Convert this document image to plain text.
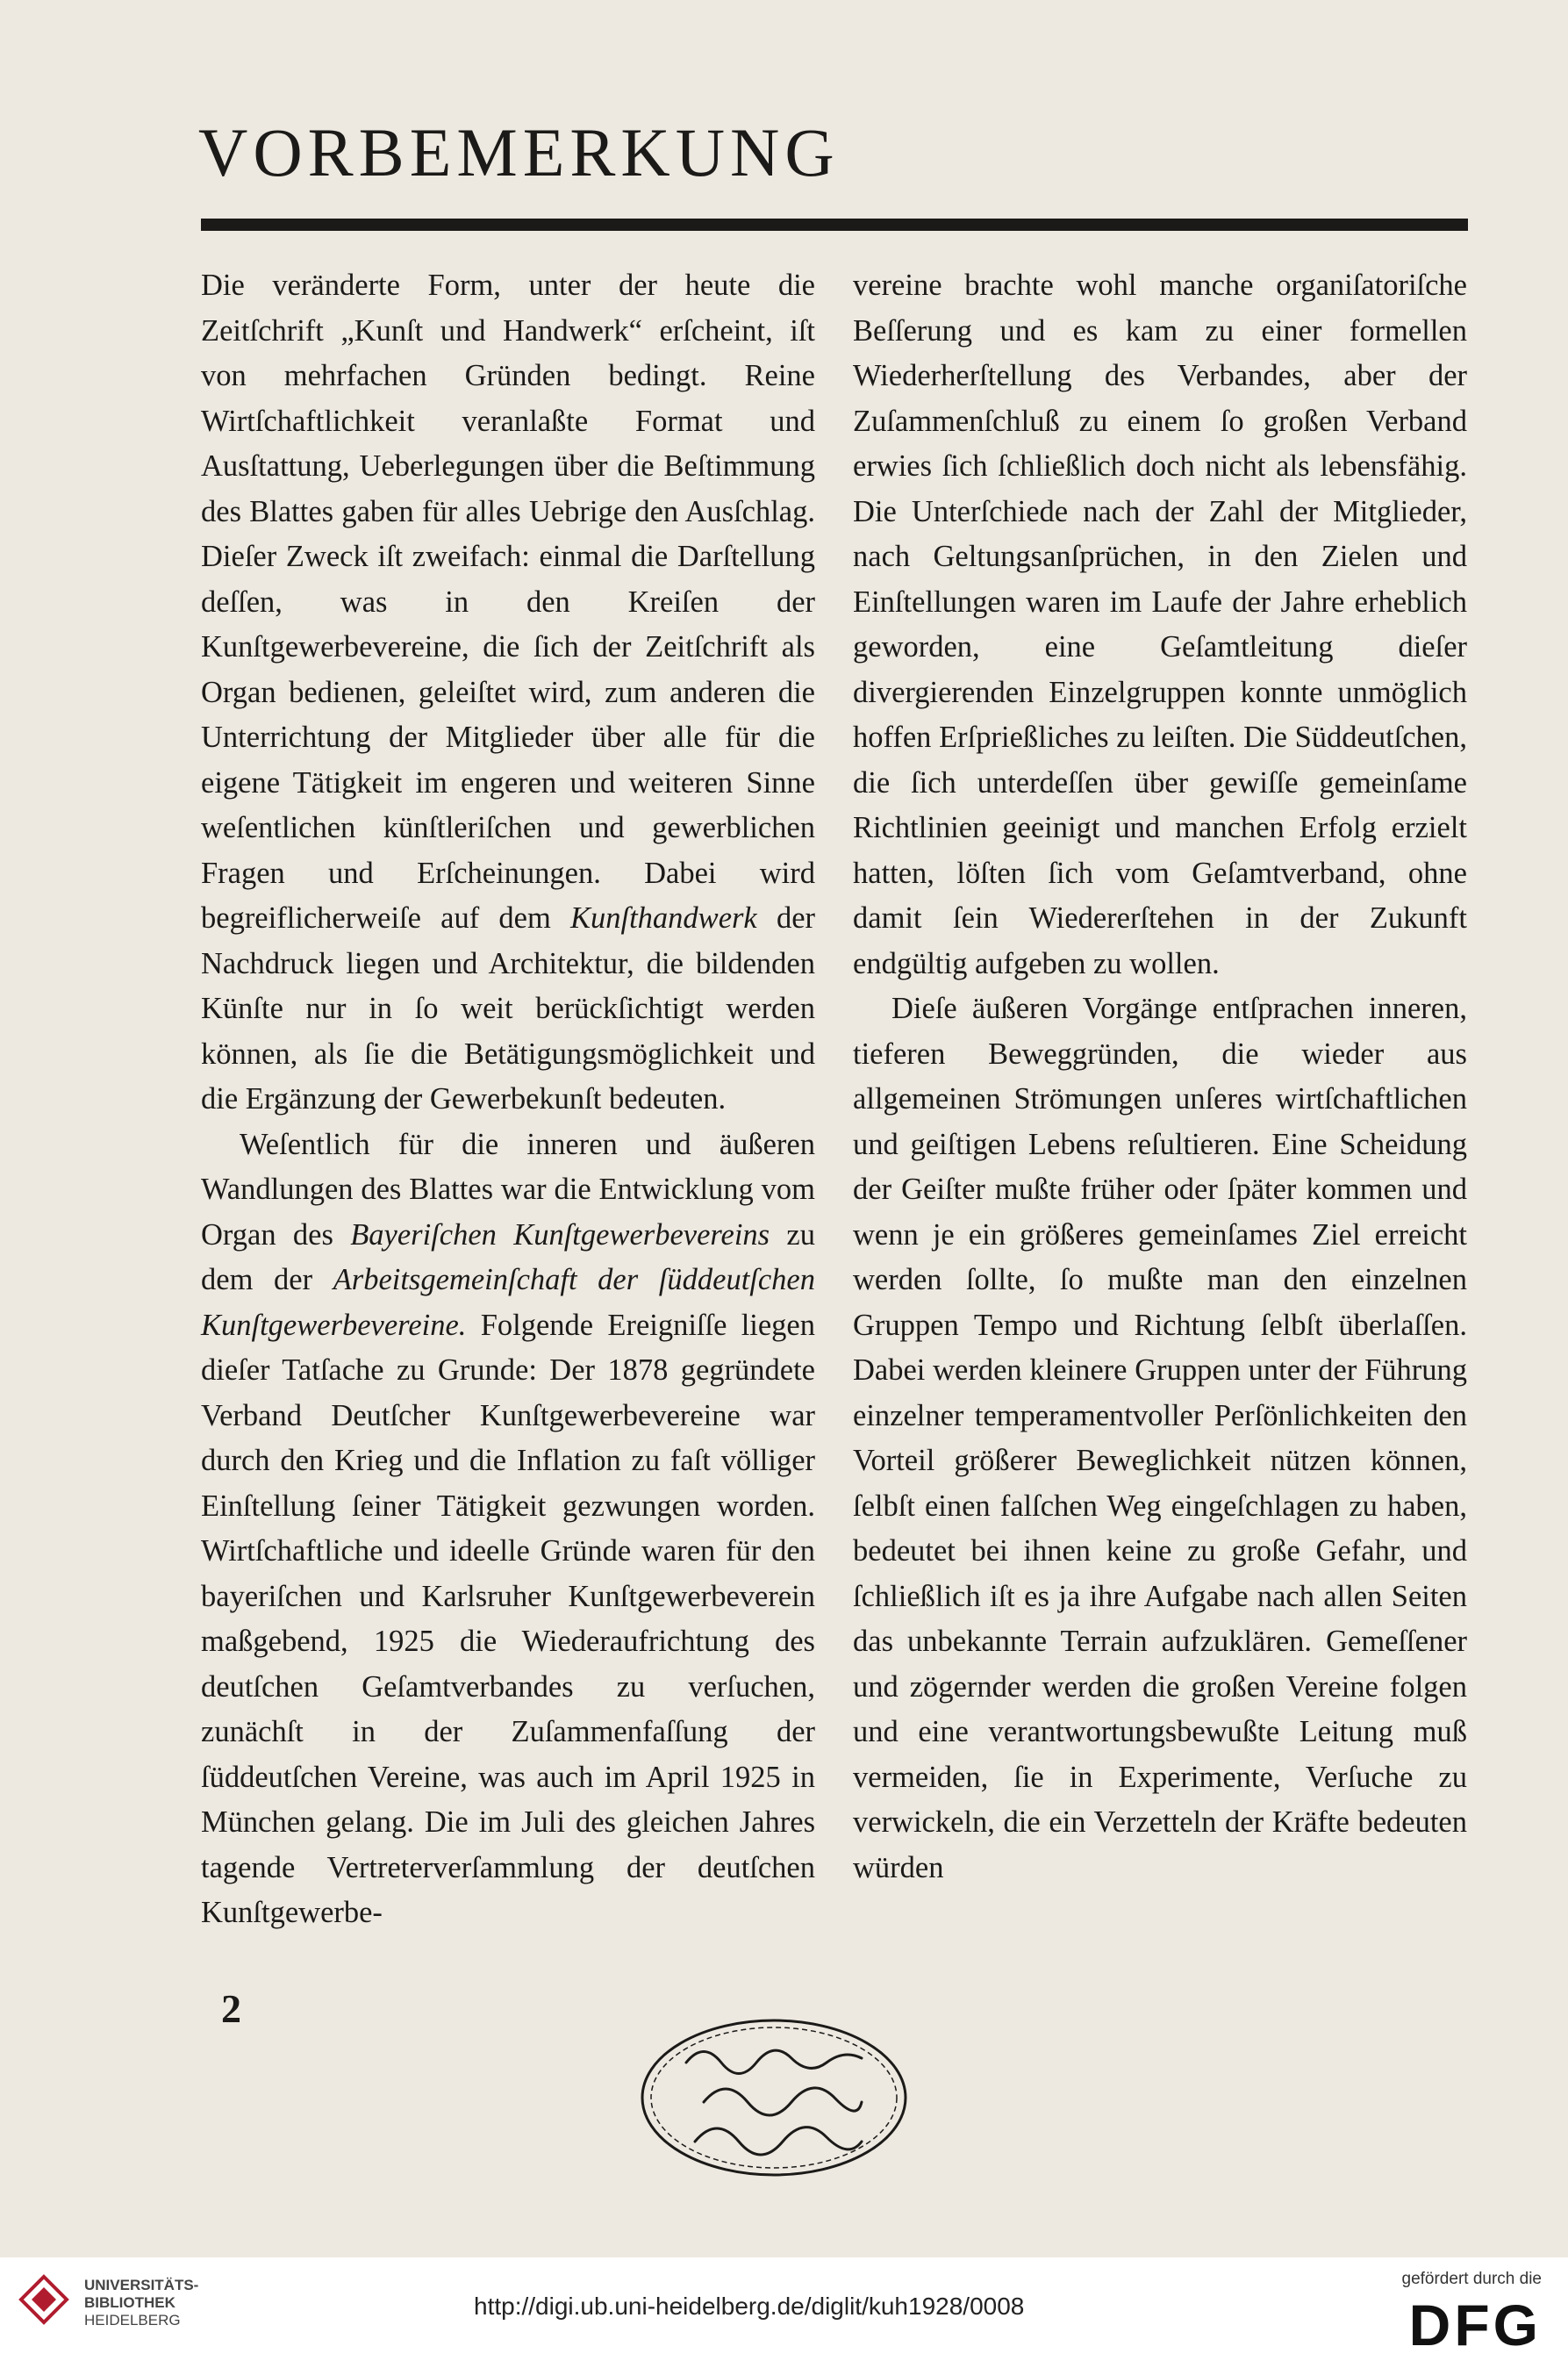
VORBEMERKUNG

Die veränderte Form, unter der heute die Zeitſchrift „Kunſt und Handwerk“ erſcheint, iſt von mehrfachen Gründen bedingt. Reine Wirtſchaftlichkeit veranlaßte Format und Ausſtattung, Ueberlegungen über die Beſtimmung des Blattes gaben für alles Uebrige den Ausſchlag. Dieſer Zweck iſt zweifach: einmal die Darſtellung deſſen, was in den Kreiſen der Kunſtgewerbevereine, die ſich der Zeitſchrift als Organ bedienen, geleiſtet wird, zum anderen die Unterrichtung der Mitglieder über alle für die eigene Tätigkeit im engeren und weiteren Sinne weſentlichen künſtleriſchen und gewerblichen Fragen und Erſcheinungen. Dabei wird begreiflicherweiſe auf dem Kunſthandwerk der Nachdruck liegen und Architektur, die bildenden Künſte nur in ſo weit berückſichtigt werden können, als ſie die Betätigungsmöglichkeit und die Ergänzung der Gewerbekunſt bedeuten.

Weſentlich für die inneren und äußeren Wandlungen des Blattes war die Entwicklung vom Organ des Bayeriſchen Kunſtgewerbevereins zu dem der Arbeitsgemeinſchaft der ſüddeutſchen Kunſtgewerbevereine. Folgende Ereigniſſe liegen dieſer Tatſache zu Grunde: Der 1878 gegründete Verband Deutſcher Kunſtgewerbevereine war durch den Krieg und die Inflation zu faſt völliger Einſtellung ſeiner Tätigkeit gezwungen worden. Wirtſchaftliche und ideelle Gründe waren für den bayeriſchen und Karlsruher Kunſtgewerbeverein maßgebend, 1925 die Wiederaufrichtung des deutſchen Geſamtverbandes zu verſuchen, zunächſt in der Zuſammenfaſſung der ſüddeutſchen Vereine, was auch im April 1925 in München gelang. Die im Juli des gleichen Jahres tagende Vertreterverſammlung der deutſchen Kunſtgewerbe-

vereine brachte wohl manche organiſatoriſche Beſſerung und es kam zu einer formellen Wiederherſtellung des Verbandes, aber der Zuſammenſchluß zu einem ſo großen Verband erwies ſich ſchließlich doch nicht als lebensfähig. Die Unterſchiede nach der Zahl der Mitglieder, nach Geltungsanſprüchen, in den Zielen und Einſtellungen waren im Laufe der Jahre erheblich geworden, eine Geſamtleitung dieſer divergierenden Einzelgruppen konnte unmöglich hoffen Erſprießliches zu leiſten. Die Süddeutſchen, die ſich unterdeſſen über gewiſſe gemeinſame Richtlinien geeinigt und manchen Erfolg erzielt hatten, löſten ſich vom Geſamtverband, ohne damit ſein Wiedererſtehen in der Zukunft endgültig aufgeben zu wollen.

Dieſe äußeren Vorgänge entſprachen inneren, tieferen Beweggründen, die wieder aus allgemeinen Strömungen unſeres wirtſchaftlichen und geiſtigen Lebens reſultieren. Eine Scheidung der Geiſter mußte früher oder ſpäter kommen und wenn je ein größeres gemeinſames Ziel erreicht werden ſollte, ſo mußte man den einzelnen Gruppen Tempo und Richtung ſelbſt überlaſſen. Dabei werden kleinere Gruppen unter der Führung einzelner temperamentvoller Perſönlichkeiten den Vorteil größerer Beweglichkeit nützen können, ſelbſt einen falſchen Weg eingeſchlagen zu haben, bedeutet bei ihnen keine zu große Gefahr, und ſchließlich iſt es ja ihre Aufgabe nach allen Seiten das unbekannte Terrain aufzuklären. Gemeſſener und zögernder werden die großen Vereine folgen und eine verantwortungsbewußte Leitung muß vermeiden, ſie in Experimente, Verſuche zu verwickeln, die ein Verzetteln der Kräfte bedeuten würden

2
UNIVERSITÄTS-
BIBLIOTHEK
HEIDELBERG
http://digi.ub.uni-heidelberg.de/diglit/kuh1928/0008
gefördert durch die
DFG
